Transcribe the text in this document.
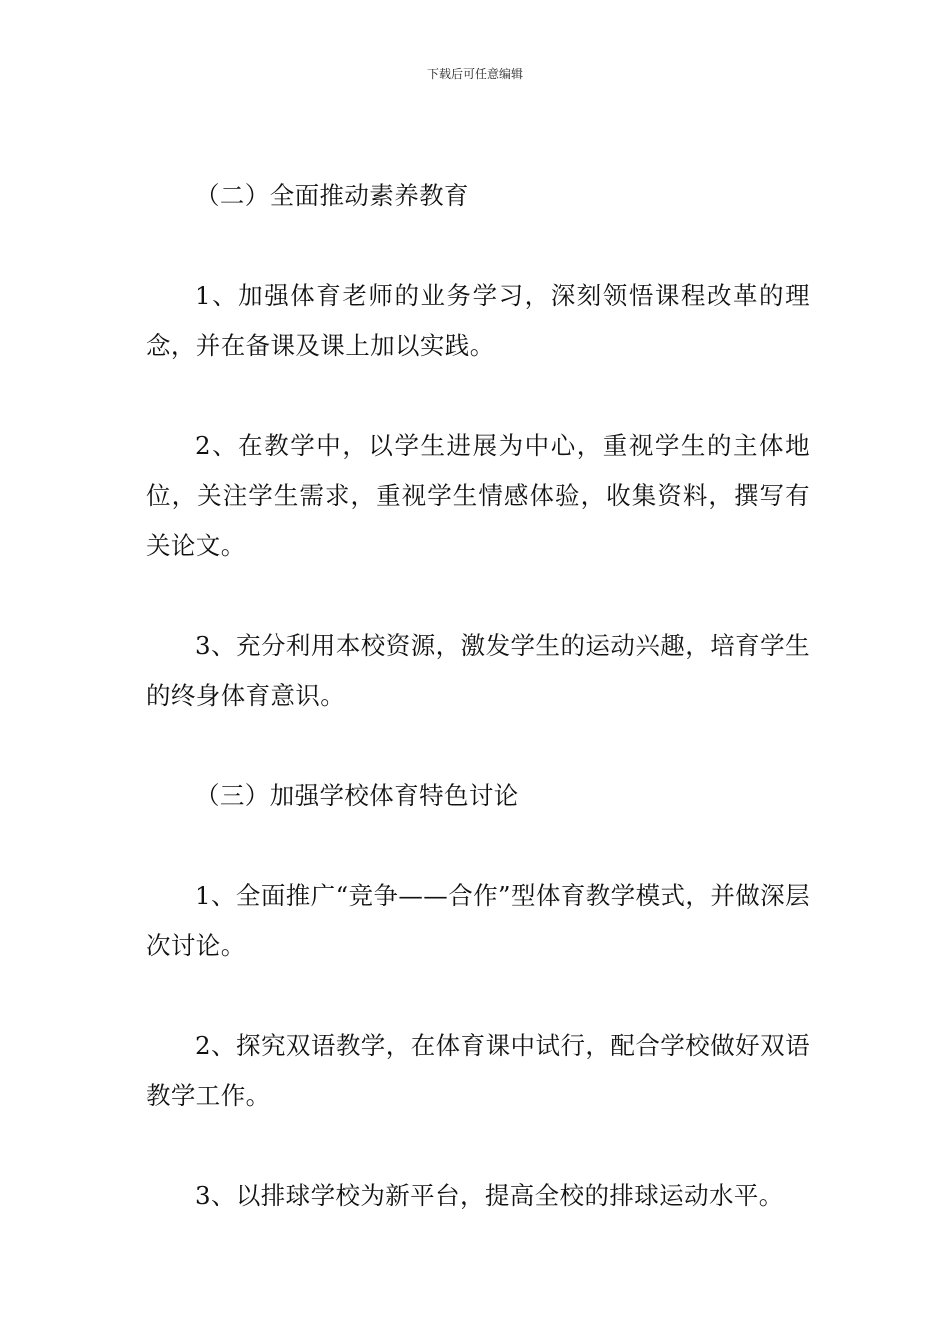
下载后可任意编辑

（二）全面推动素养教育

1、加强体育老师的业务学习，深刻领悟课程改革的理念，并在备课及课上加以实践。

2、在教学中，以学生进展为中心，重视学生的主体地位，关注学生需求，重视学生情感体验，收集资料，撰写有关论文。

3、充分利用本校资源，激发学生的运动兴趣，培育学生的终身体育意识。

（三）加强学校体育特色讨论

1、全面推广“竞争——合作”型体育教学模式，并做深层次讨论。

2、探究双语教学，在体育课中试行，配合学校做好双语教学工作。

3、以排球学校为新平台，提高全校的排球运动水平。
